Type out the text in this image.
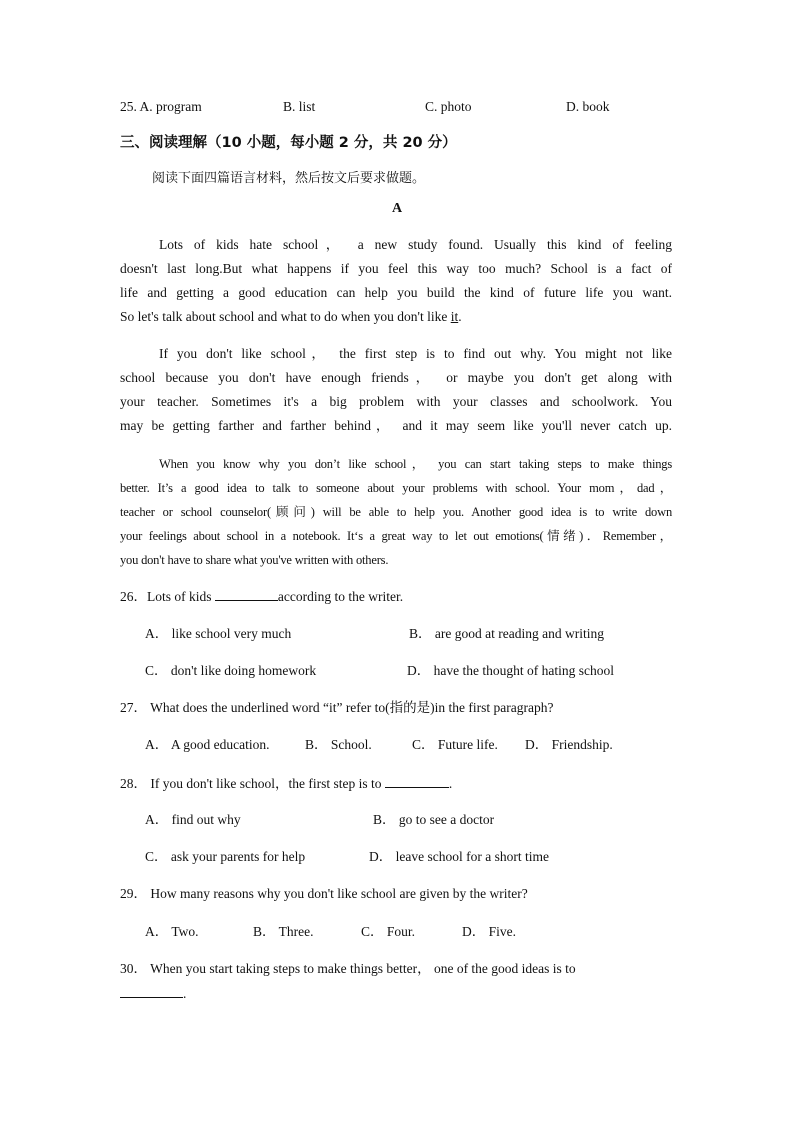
25. A. program	B. list	C. photo	D. book
三、阅读理解（10 小题，每小题 2 分，共 20 分）
阅读下面四篇语言材料，然后按文后要求做题。
A
Lots of kids hate school， a new study found. Usually this kind of feeling
doesn't last long.But what happens if you feel this way too much? School is a fact of
life and getting a good education can help you build the kind of future life you want.
So let's talk about school and what to do when you don't like it.
If you don't like school， the first step is to find out why. You might not like
school because you don't have enough friends， or maybe you don't get along with
your teacher. Sometimes it's a big problem with your classes and schoolwork. You
may be getting farther and farther behind， and it may seem like you'll never catch up.
When you know why you don’t like school， you can start taking steps to make things
better. It’s a good idea to talk to someone about your problems with school. Your mom，dad，
teacher or school counselor(顾问) will be able to help you. Another good idea is to write down
your feelings about school in a notebook. It‘s a great way to let out emotions(情绪)．Remember，
you don't have to share what you've written with others.
26．Lots of kids	according to the writer.
A． like school very much	B． are good at reading and writing
C． don't like doing homework	D． have the thought of hating school
27． What does the underlined word “it” refer to(指的是)in the first paragraph?
A． A good education.	B． School.	C． Future life. D． Friendship.
28． If you don't like school，the first step is to	.
A． find out why	B． go to see a doctor
C． ask your parents for help	D． leave school for a short time
29． How many reasons why you don't like school are given by the writer?
A． Two.	B． Three.	C． Four.	D． Five.
30． When you start taking steps to make things better， one of the good ideas is to
.
